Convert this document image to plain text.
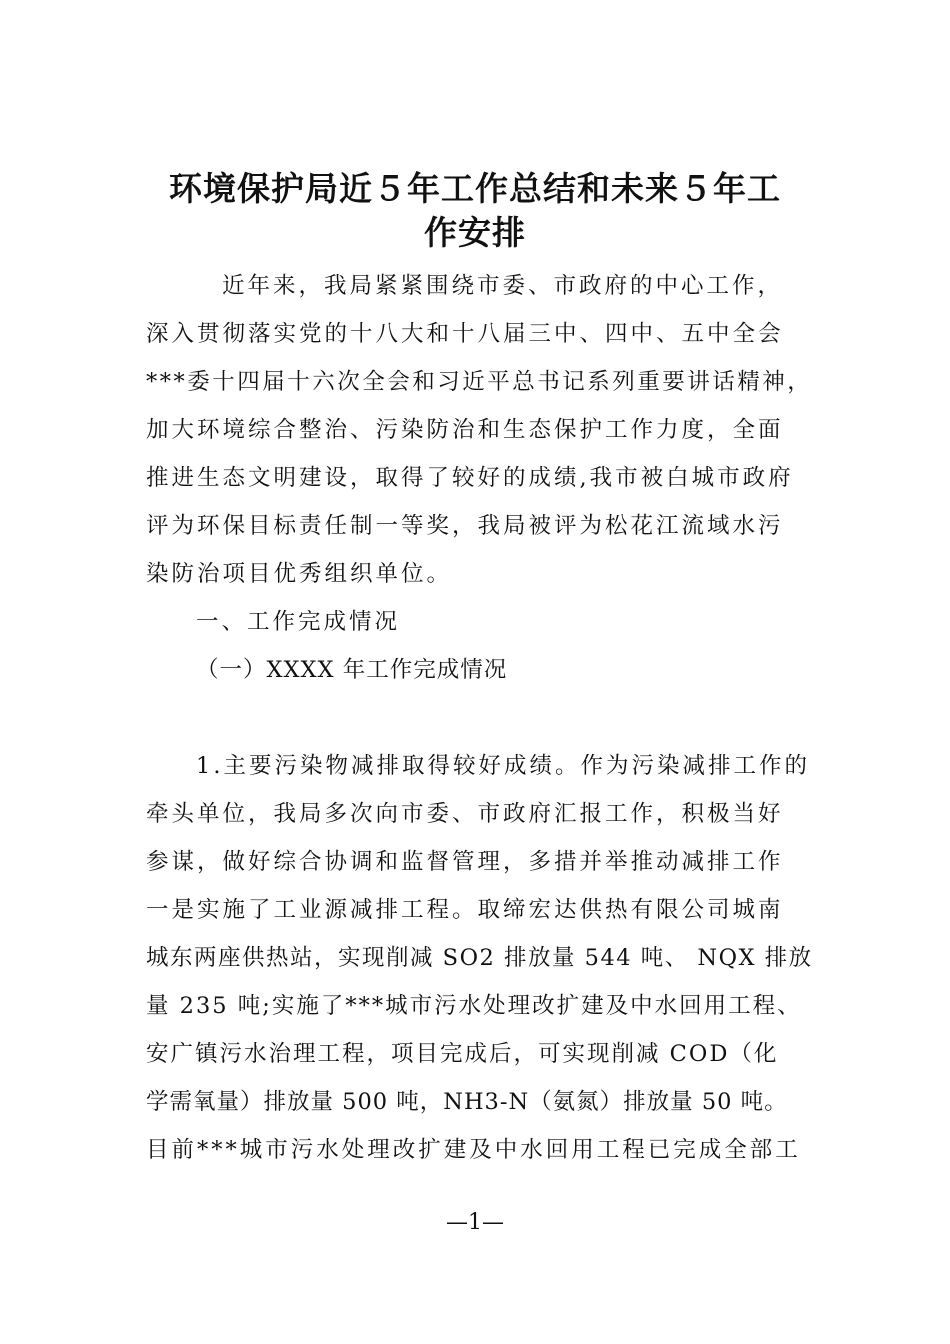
环境保护局近５年工作总结和未来５年工
作安排

近年来，我局紧紧围绕市委、市政府的中心工作，

深入贯彻落实党的十八大和十八届三中、四中、五中全会

***委十四届十六次全会和习近平总书记系列重要讲话精神，

加大环境综合整治、污染防治和生态保护工作力度，全面

推进生态文明建设，取得了较好的成绩,我市被白城市政府

评为环保目标责任制一等奖，我局被评为松花江流域水污

染防治项目优秀组织单位。

一、工作完成情况

（一）XXXX 年工作完成情况

1.主要污染物减排取得较好成绩。作为污染减排工作的

牵头单位，我局多次向市委、市政府汇报工作，积极当好

参谋，做好综合协调和监督管理，多措并举推动减排工作

一是实施了工业源减排工程。取缔宏达供热有限公司城南

城东两座供热站，实现削减 SO2 排放量 544 吨、 NQX 排放

量 235 吨;实施了***城市污水处理改扩建及中水回用工程、

安广镇污水治理工程，项目完成后，可实现削减 COD（化

学需氧量）排放量 500 吨，NH3-N（氨氮）排放量 50 吨。

目前***城市污水处理改扩建及中水回用工程已完成全部工

—1—
